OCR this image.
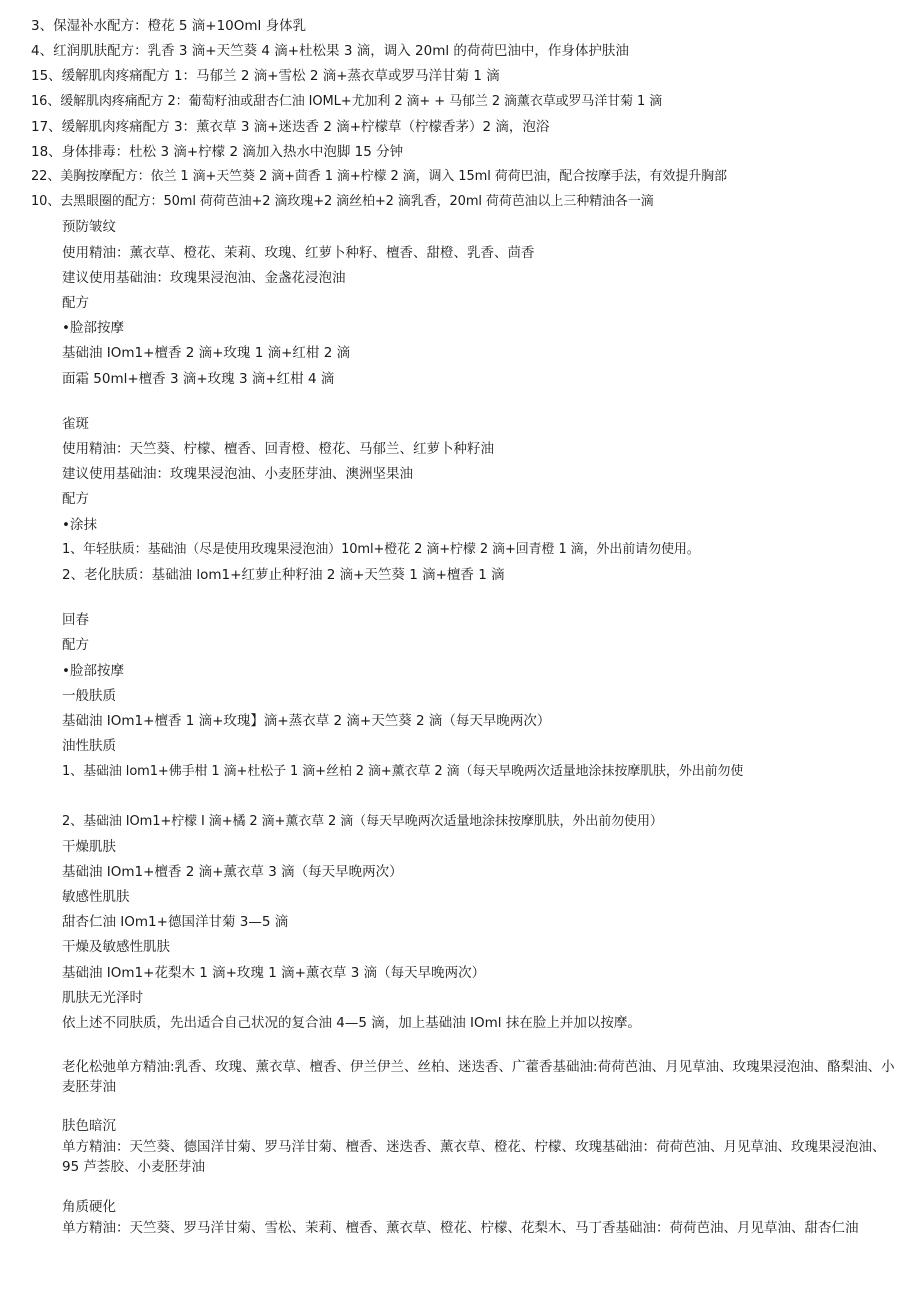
3、保湿补水配方：橙花 5 滴+10Oml 身体乳
4、红润肌肤配方：乳香 3 滴+天竺葵 4 滴+杜松果 3 滴，调入 20ml 的荷荷巴油中，作身体护肤油
15、缓解肌肉疼痛配方 1：马郁兰 2 滴+雪松 2 滴+蒸衣草或罗马洋甘菊 1 滴
16、缓解肌肉疼痛配方 2：葡萄籽油或甜杏仁油 IOML+尤加利 2 滴+ + 马郁兰 2 滴薰衣草或罗马洋甘菊 1 滴
17、缓解肌肉疼痛配方 3：薰衣草 3 滴+迷迭香 2 滴+柠檬草（柠檬香茅）2 滴，泡浴
18、身体排毒：杜松 3 滴+柠檬 2 滴加入热水中泡脚 15 分钟
22、美胸按摩配方：依兰 1 滴+天竺葵 2 滴+茴香 1 滴+柠檬 2 滴，调入 15ml 荷荷巴油，配合按摩手法，有效提升胸部
10、去黑眼圈的配方：50ml 荷荷芭油+2 滴玫瑰+2 滴丝柏+2 滴乳香，20ml 荷荷芭油以上三种精油各一滴
预防皱纹
使用精油：薰衣草、橙花、茉莉、玫瑰、红萝卜种籽、檀香、甜橙、乳香、茴香
建议使用基础油：玫瑰果浸泡油、金盏花浸泡油
配方
•脸部按摩
基础油 IOm1+檀香 2 滴+玫瑰 1 滴+红柑 2 滴
面霜 50ml+檀香 3 滴+玫瑰 3 滴+红柑 4 滴
雀斑
使用精油：天竺葵、柠檬、檀香、回青橙、橙花、马郁兰、红萝卜种籽油
建议使用基础油：玫瑰果浸泡油、小麦胚芽油、澳洲坚果油
配方
•涂抹
1、年轻肤质：基础油（尽是使用玫瑰果浸泡油）10ml+橙花 2 滴+柠檬 2 滴+回青橙 1 滴，外出前请勿使用。
2、老化肤质：基础油 lom1+红萝止种籽油 2 滴+天竺葵 1 滴+檀香 1 滴
回春
配方
•脸部按摩
一般肤质
基础油 IOm1+檀香 1 滴+玫瑰】滴+蒸衣草 2 滴+天竺葵 2 滴（每天早晚两次）
油性肤质
1、基础油 lom1+佛手柑 1 滴+杜松子 1 滴+丝柏 2 滴+薰衣草 2 滴（每天早晚两次适量地涂抹按摩肌肤，外出前勿使
2、基础油 IOm1+柠檬 I 滴+橘 2 滴+薰衣草 2 滴（每天早晚两次适量地涂抹按摩肌肤，外出前勿使用）
干燥肌肤
基础油 IOm1+檀香 2 滴+薰衣草 3 滴（每天早晚两次）
敏感性肌肤
甜杏仁油 IOm1+德国洋甘菊 3—5 滴
干燥及敏感性肌肤
基础油 IOm1+花梨木 1 滴+玫瑰 1 滴+薰衣草 3 滴（每天早晚两次）
肌肤无光泽时
依上述不同肤质，先出适合自己状况的复合油 4—5 滴，加上基础油 IOml 抹在脸上并加以按摩。
老化松弛单方精油:乳香、玫瑰、薰衣草、檀香、伊兰伊兰、丝柏、迷迭香、广藿香基础油:荷荷芭油、月见草油、玫瑰果浸泡油、酪梨油、小麦胚芽油
肤色暗沉
单方精油：天竺葵、德国洋甘菊、罗马洋甘菊、檀香、迷迭香、薰衣草、橙花、柠檬、玫瑰基础油：荷荷芭油、月见草油、玫瑰果浸泡油、95 芦荟胶、小麦胚芽油
角质硬化
单方精油：天竺葵、罗马洋甘菊、雪松、茉莉、檀香、薰衣草、橙花、柠檬、花梨木、马丁香基础油：荷荷芭油、月见草油、甜杏仁油
